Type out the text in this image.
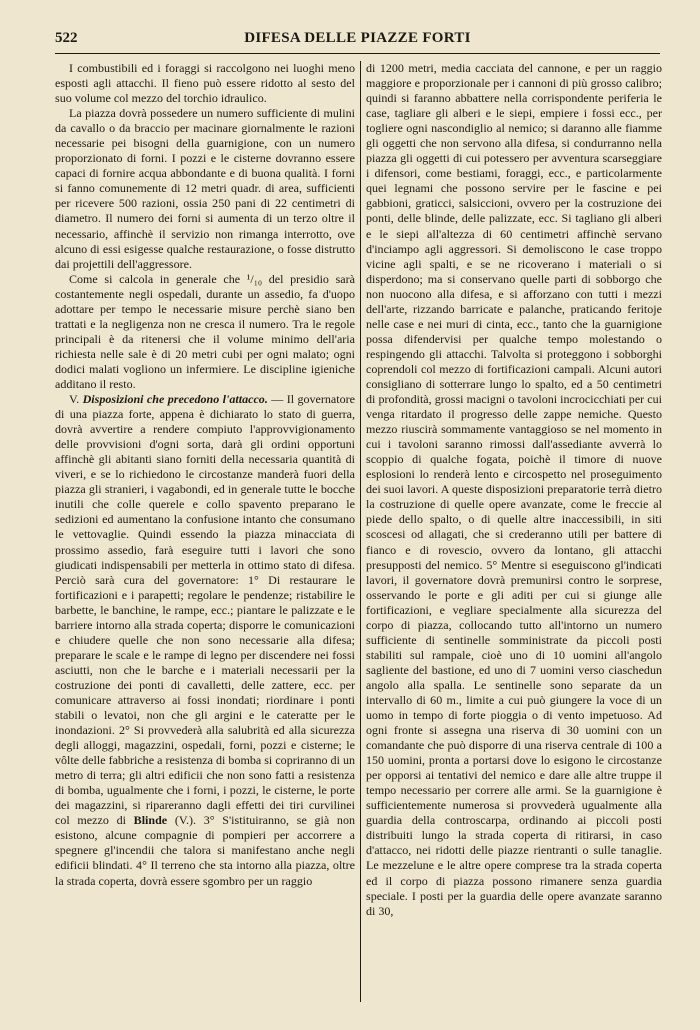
522	DIFESA DELLE PIAZZE FORTI

I combustibili ed i foraggi si raccolgono nei luoghi meno esposti agli attacchi. Il fieno può essere ridotto al sesto del suo volume col mezzo del torchio idraulico.

La piazza dovrà possedere un numero sufficiente di mulini da cavallo o da braccio per macinare giornalmente le razioni necessarie pei bisogni della guarnigione, con un numero proporzionato di forni. I pozzi e le cisterne dovranno essere capaci di fornire acqua abbondante e di buona qualità. I forni si fanno comunemente di 12 metri quadr. di area, sufficienti per ricevere 500 razioni, ossia 250 pani di 22 centimetri di diametro. Il numero dei forni si aumenta di un terzo oltre il necessario, affinchè il servizio non rimanga interrotto, ove alcuno di essi esigesse qualche restaurazione, o fosse distrutto dai projettili dell'aggressore.

Come si calcola in generale che ¹/₁₀ del presidio sarà costantemente negli ospedali, durante un assedio, fa d'uopo adottare per tempo le necessarie misure perchè siano ben trattati e la negligenza non ne cresca il numero. Tra le regole principali è da ritenersi che il volume minimo dell'aria richiesta nelle sale è di 20 metri cubi per ogni malato; ogni dodici malati vogliono un infermiere. Le discipline igieniche additano il resto.

V. Disposizioni che precedono l'attacco. — Il governatore di una piazza forte, appena è dichiarato lo stato di guerra, dovrà avvertire a rendere compiuto l'approvvigionamento delle provvisioni d'ogni sorta, darà gli ordini opportuni affinchè gli abitanti siano forniti della necessaria quantità di viveri, e se lo richiedono le circostanze manderà fuori della piazza gli stranieri, i vagabondi, ed in generale tutte le bocche inutili che colle querele e collo spavento preparano le sedizioni ed aumentano la confusione intanto che consumano le vettovaglie. Quindi essendo la piazza minacciata di prossimo assedio, farà eseguire tutti i lavori che sono giudicati indispensabili per metterla in ottimo stato di difesa. Perciò sarà cura del governatore: 1° Di restaurare le fortificazioni e i parapetti; regolare le pendenze; ristabilire le barbette, le banchine, le rampe, ecc.; piantare le palizzate e le barriere intorno alla strada coperta; disporre le comunicazioni e chiudere quelle che non sono necessarie alla difesa; preparare le scale e le rampe di legno per discendere nei fossi asciutti, non che le barche e i materiali necessarii per la costruzione dei ponti di cavalletti, delle zattere, ecc. per comunicare attraverso ai fossi inondati; riordinare i ponti stabili o levatoi, non che gli argini e le cateratte per le inondazioni. 2° Si provvederà alla salubrità ed alla sicurezza degli alloggi, magazzini, ospedali, forni, pozzi e cisterne; le vôlte delle fabbriche a resistenza di bomba si copriranno di un metro di terra; gli altri edificii che non sono fatti a resistenza di bomba, ugualmente che i forni, i pozzi, le cisterne, le porte dei magazzini, si ripareranno dagli effetti dei tiri curvilinei col mezzo di Blinde (V.). 3° S'istituiranno, se già non esistono, alcune compagnie di pompieri per accorrere a spegnere gl'incendii che talora si manifestano anche negli edificii blindati. 4° Il terreno che sta intorno alla piazza, oltre la strada coperta, dovrà essere sgombro per un raggio

di 1200 metri, media cacciata del cannone, e per un raggio maggiore e proporzionale per i cannoni di più grosso calibro; quindi si faranno abbattere nella corrispondente periferia le case, tagliare gli alberi e le siepi, empiere i fossi ecc., per togliere ogni nascondiglio al nemico; si daranno alle fiamme gli oggetti che non servono alla difesa, si condurranno nella piazza gli oggetti di cui potessero per avventura scarseggiare i difensori, come bestiami, foraggi, ecc., e particolarmente quei legnami che possono servire per le fascine e pei gabbioni, graticci, salsiccioni, ovvero per la costruzione dei ponti, delle blinde, delle palizzate, ecc. Si tagliano gli alberi e le siepi all'altezza di 60 centimetri affinchè servano d'inciampo agli aggressori. Si demoliscono le case troppo vicine agli spalti, e se ne ricoverano i materiali o si disperdono; ma si conservano quelle parti di sobborgo che non nuocono alla difesa, e si afforzano con tutti i mezzi dell'arte, rizzando barricate e palanche, praticando feritoje nelle case e nei muri di cinta, ecc., tanto che la guarnigione possa difendervisi per qualche tempo molestando o respingendo gli attacchi. Talvolta si proteggono i sobborghi coprendoli col mezzo di fortificazioni campali. Alcuni autori consigliano di sotterrare lungo lo spalto, ed a 50 centimetri di profondità, grossi macigni o tavoloni incrocicchiati per cui venga ritardato il progresso delle zappe nemiche. Questo mezzo riuscirà sommamente vantaggioso se nel momento in cui i tavoloni saranno rimossi dall'assediante avverrà lo scoppio di qualche fogata, poichè il timore di nuove esplosioni lo renderà lento e circospetto nel proseguimento dei suoi lavori. A queste disposizioni preparatorie terrà dietro la costruzione di quelle opere avanzate, come le freccie al piede dello spalto, o di quelle altre inaccessibili, in siti scoscesi od allagati, che si crederanno utili per battere di fianco e di rovescio, ovvero da lontano, gli attacchi presupposti del nemico. 5° Mentre si eseguiscono gl'indicati lavori, il governatore dovrà premunirsi contro le sorprese, osservando le porte e gli aditi per cui si giunge alle fortificazioni, e vegliare specialmente alla sicurezza del corpo di piazza, collocando tutto all'intorno un numero sufficiente di sentinelle somministrate da piccoli posti stabiliti sul rampale, cioè uno di 10 uomini all'angolo sagliente del bastione, ed uno di 7 uomini verso ciaschedun angolo alla spalla. Le sentinelle sono separate da un intervallo di 60 m., limite a cui può giungere la voce di un uomo in tempo di forte pioggia o di vento impetuoso. Ad ogni fronte si assegna una riserva di 30 uomini con un comandante che può disporre di una riserva centrale di 100 a 150 uomini, pronta a portarsi dove lo esigono le circostanze per opporsi ai tentativi del nemico e dare alle altre truppe il tempo necessario per correre alle armi. Se la guarnigione è sufficientemente numerosa si provvederà ugualmente alla guardia della controscarpa, ordinando ai piccoli posti distribuiti lungo la strada coperta di ritirarsi, in caso d'attacco, nei ridotti delle piazze rientranti o sulle tanaglie. Le mezzelune e le altre opere comprese tra la strada coperta ed il corpo di piazza possono rimanere senza guardia speciale. I posti per la guardia delle opere avanzate saranno di 30,
